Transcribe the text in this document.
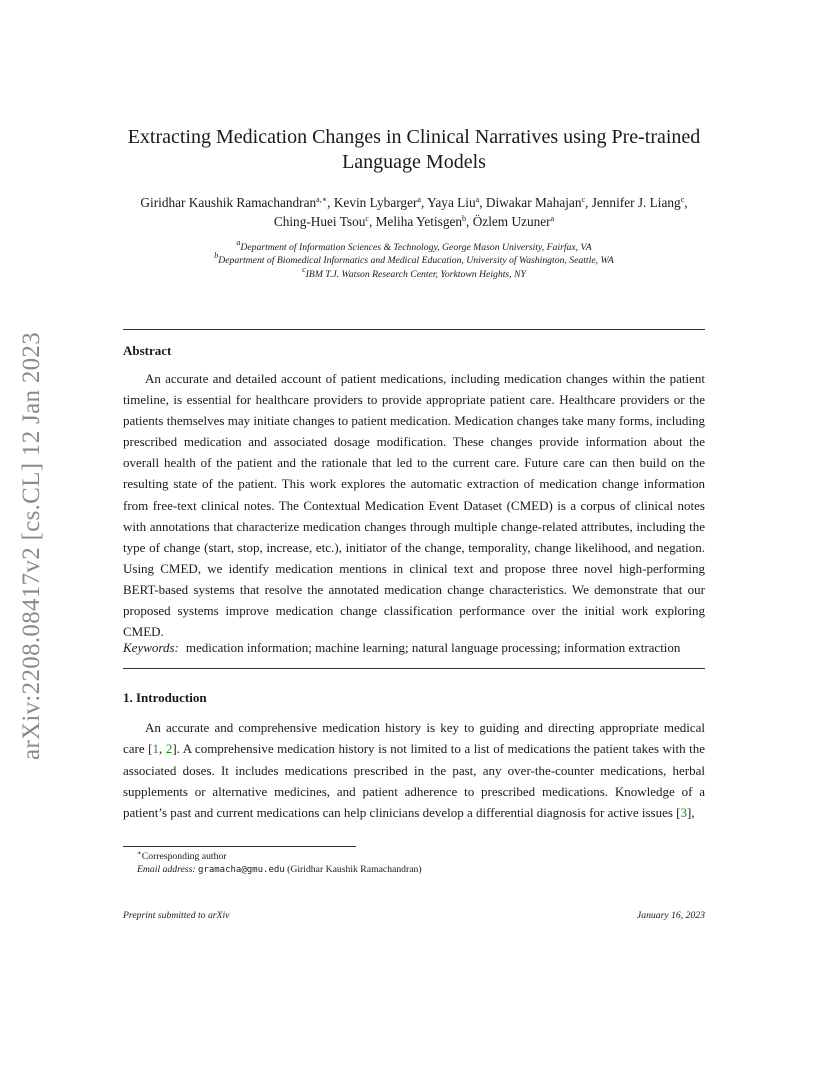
arXiv:2208.08417v2 [cs.CL] 12 Jan 2023
Extracting Medication Changes in Clinical Narratives using Pre-trained
Language Models
Giridhar Kaushik Ramachandran$^{a,∗}$, Kevin Lybarger$^a$, Yaya Liu$^a$, Diwakar Mahajan$^c$, Jennifer J. Liang$^c$,
Ching-Huei Tsou$^c$, Meliha Yetisgen$^b$, Özlem Uzuner$^a$
$^a$Department of Information Sciences & Technology, George Mason University, Fairfax, VA
$^b$Department of Biomedical Informatics and Medical Education, University of Washington, Seattle, WA
$^c$IBM T.J. Watson Research Center, Yorktown Heights, NY
Abstract

An accurate and detailed account of patient medications, including medication changes within the patient timeline, is essential for healthcare providers to provide appropriate patient care. Healthcare providers or the patients themselves may initiate changes to patient medication. Medication changes take many forms, including prescribed medication and associated dosage modification. These changes provide information about the overall health of the patient and the rationale that led to the current care. Future care can then build on the resulting state of the patient. This work explores the automatic extraction of medication change information from free-text clinical notes. The Contextual Medication Event Dataset (CMED) is a corpus of clinical notes with annotations that characterize medication changes through multiple change-related attributes, including the type of change (start, stop, increase, etc.), initiator of the change, temporality, change likelihood, and negation. Using CMED, we identify medication mentions in clinical text and propose three novel high-performing BERT-based systems that resolve the annotated medication change characteristics. We demonstrate that our proposed systems improve medication change classification performance over the initial work exploring CMED.

Keywords: medication information; machine learning; natural language processing; information extraction
1. Introduction

An accurate and comprehensive medication history is key to guiding and directing appropriate medical care [1, 2]. A comprehensive medication history is not limited to a list of medications the patient takes with the associated doses. It includes medications prescribed in the past, any over-the-counter medications, herbal supplements or alternative medicines, and patient adherence to prescribed medications. Knowledge of a patient’s past and current medications can help clinicians develop a differential diagnosis for active issues [3],

∗Corresponding author
Email address: gramacha@gmu.edu (Giridhar Kaushik Ramachandran)
Preprint submitted to arXiv	January 16, 2023
